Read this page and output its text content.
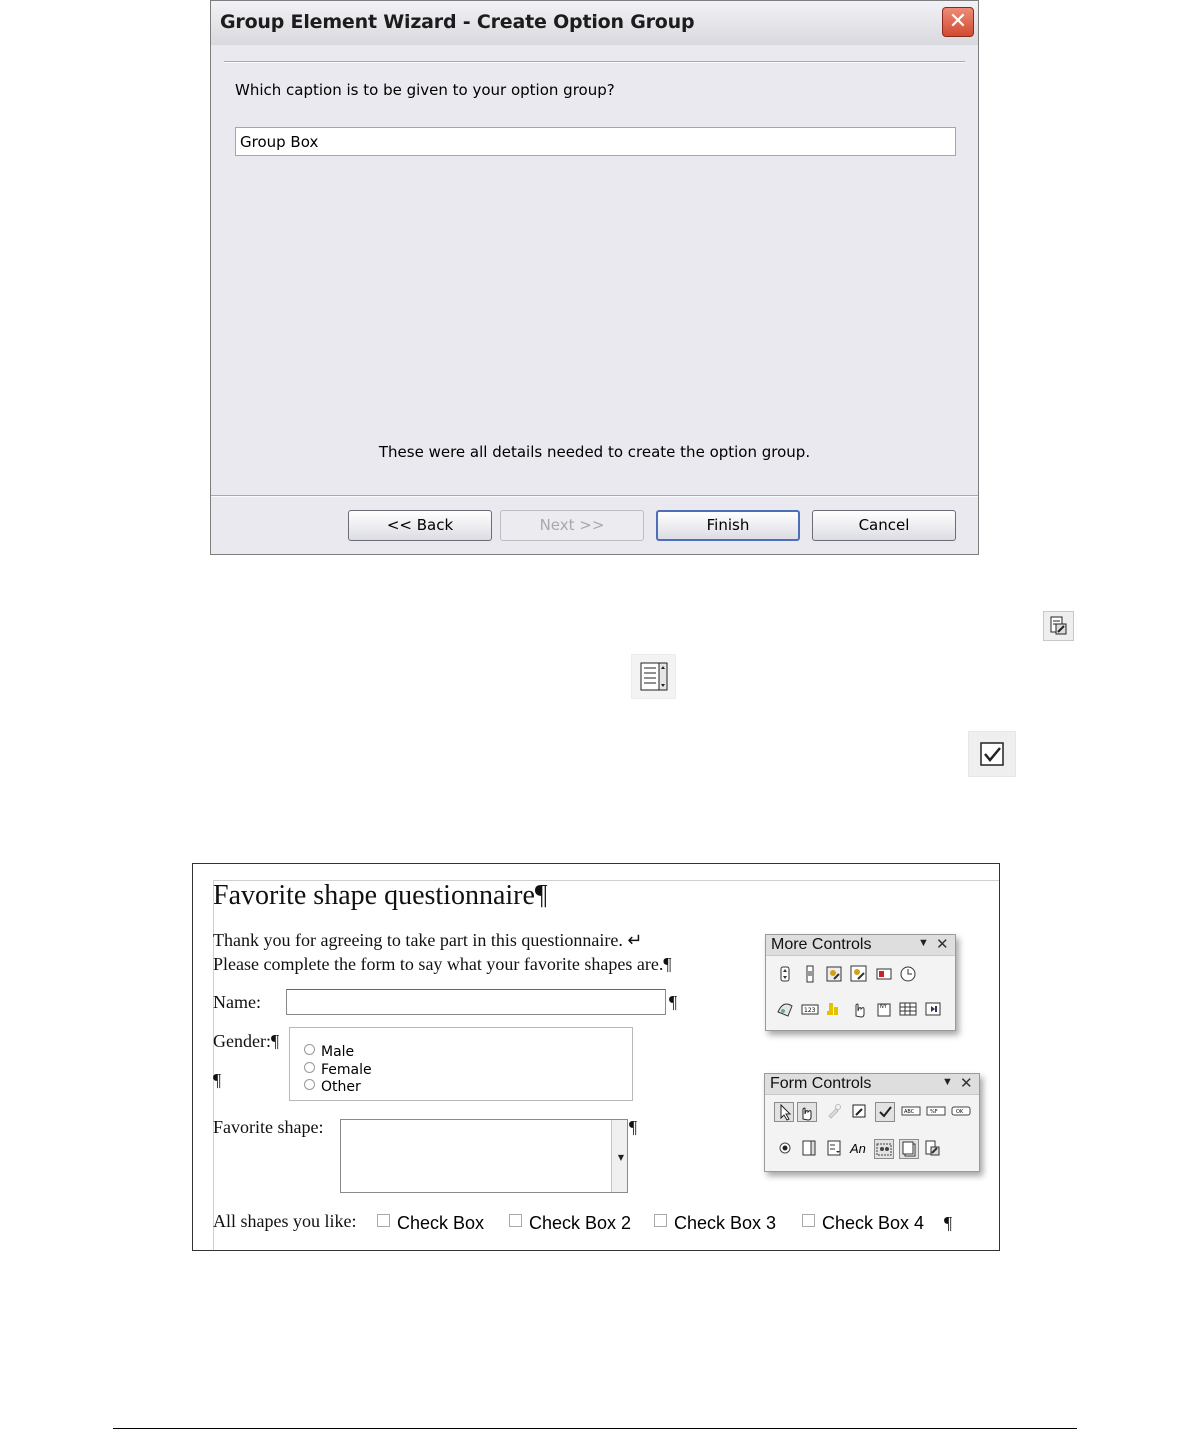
Group Element Wizard - Create Option Group	✕
Which caption is to be given to your option group?
Group Box
These were all details needed to create the option group.
<< Back	Next >>	Finish	Cancel
Favorite shape questionnaire¶
Thank you for agreeing to take part in this questionnaire. ↵
Please complete the form to say what your favorite shapes are.¶
Name:	¶
Gender:¶
¶
Male
Female
Other
Favorite shape:
▼
¶
All shapes you like:	Check Box	Check Box 2	Check Box 3	Check Box 4 ¶
More Controls	▼ ✕
123	NY
Form Controls	▼ ✕
ABC	%F	OK
An
